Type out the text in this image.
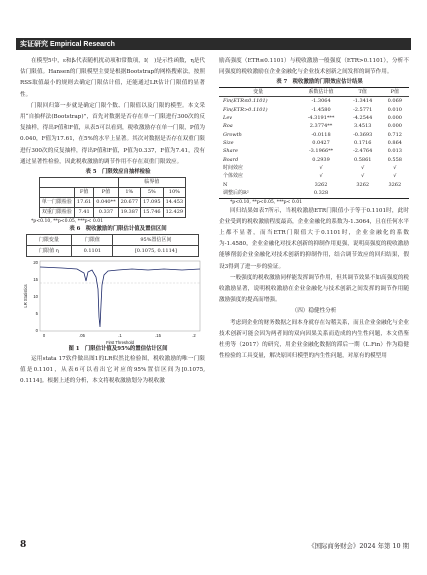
实证研究 Empirical Research

在模型5中，ε和βᵢ代表随机扰动项和常数项，I(　)是示性函数，η是代估门限值。Hansen的门限模型主要是根据Bootstrap的网格搜索法，按照RSS取值最小的规则去确定门限估计值，还能通过LR估计门限值的显著性。

门限回归第一步就是确定门限个数、门限值以及门限的模型。本文采用“自抽样法(Bootstrap)”，首先对数据是否存在单一门限进行300次的反复抽样，得出P值和F值，从表5可以看到，税收激励存在单一门限，P值为0.040，F值为17.61，在5%的水平上显著。其次对数据是否存在双重门限进行300次的反复抽样，得出P值和F值，P值为0.337，F值为7.41，没有通过显著性检验，因此税收激励的调节作用不存在双重门限效应。

表 5　门限效应自抽样检验

			临界值		
	F值	P值	1%	5%	10%
单一门限检验	17.61	0.040**	20.677	17.095	14.453
双重门限检验	7.41	0.337	19.387	15.746	12.429

*p<0.10, **p<0.05, ***p< 0.01

表 6　税收激励的门限估计值及置信区间

门限变量	门限值	95%置信区间
门限值 η	0.1101	[0.1075, 0.1114]
0
5
10
15
20
0	.05	.1	.15	.2
First Threshold
LR Statistics

图 1　门限估计值及95%的置信估计区间

运用stata 17软件做出图1的LR似然比检验图，税收激励的唯一门限值是0.1101，从表6可以看出它对应的95%置信区间为[0.1075, 0.1114]。根据上述的分析，本文将税收激励划分为税收激

励高强度（ETR≤0.1101）与税收激励一般强度（ETR>0.1101），分析不同强度的税收激励在企业金融化与企业技术创新之间发挥的调节作用。

表 7　税收激励的门限效应估计结果

变量	系数估计值	T值	P值
Fin(ETR≤0.1101)	-1.3064	-1.3414	0.069
Fin(ETR>0.1101)	-1.4580	-2.5771	0.010
Lev	-4.3191***	-4.2544	0.000
Roa	2.3774**	3.4513	0.000
Growth	-0.0118	-0.3693	0.712
Size	0.0427	0.1716	0.864
Share	-3.1966**	-2.4764	0.013
Board	0.2939	0.5861	0.558
时间效应	√	√	√
个体效应	√	√	√
N	3262	3262	3262
调整后的R²	0.328		

*p<0.10, **p<0.05, ***p< 0.01

回归结果如表7所示，当税收激励ETR门限值小于等于0.1101时，此时企业受到的税收激励程度最高，企业金融化的系数为-1.3064，且在任何水平上都不显著，而当ETR门限值大于0.1101时，企业金融化的系数为-1.4580，企业金融化对技术创新的抑制作用更强，说明高强度的税收激励能够削弱企业金融化对技术创新的抑制作用，结合调节效应的回归结果，假设3得到了进一步的验证。

一般强度的税收激励同样能发挥调节作用，但其调节效果不如高强度的税收激励显著，说明税收激励在企业金融化与技术创新之间发挥的调节作用随激励强度的提高而增强。

（四）稳健性分析

考虑到企业的财务数据之间本身就存在勾稽关系，而且企业金融化与企业技术创新可能会因为两者间的双向因果关系而造成的内生性问题，本文借鉴杜勇等（2017）的研究，用企业金融化数据的滞后一期（L.Fin）作为稳健性检验的工具变量，解决原回归模型的内生性问题，对原有的模型用

8	《国际商务财会》2024 年第 10 期
